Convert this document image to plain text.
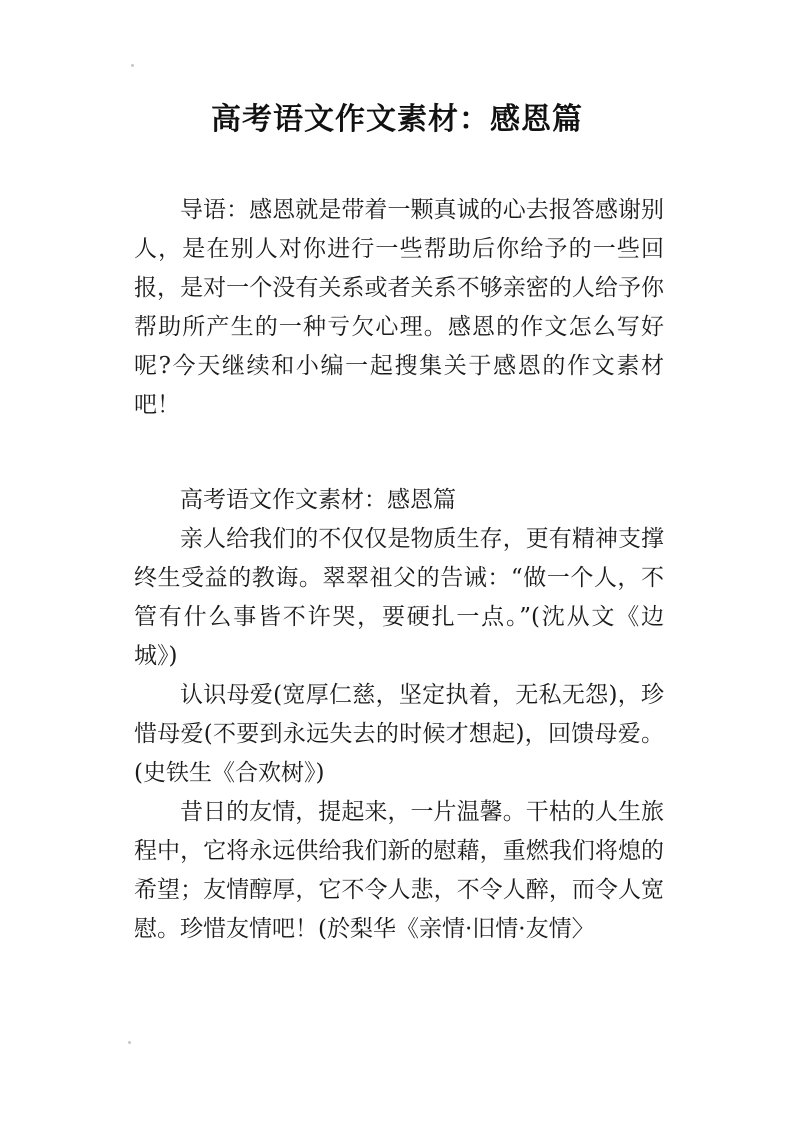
高考语文作文素材：感恩篇

导语：感恩就是带着一颗真诚的心去报答感谢别人，是在别人对你进行一些帮助后你给予的一些回报，是对一个没有关系或者关系不够亲密的人给予你帮助所产生的一种亏欠心理。感恩的作文怎么写好呢?今天继续和小编一起搜集关于感恩的作文素材吧！

高考语文作文素材：感恩篇

亲人给我们的不仅仅是物质生存，更有精神支撑终生受益的教诲。翠翠祖父的告诫：“做一个人，不管有什么事皆不许哭，要硬扎一点。”(沈从文《边城》)

认识母爱(宽厚仁慈，坚定执着，无私无怨)，珍惜母爱(不要到永远失去的时候才想起)，回馈母爱。(史铁生《合欢树》)

昔日的友情，提起来，一片温馨。干枯的人生旅程中，它将永远供给我们新的慰藉，重燃我们将熄的希望；友情醇厚，它不令人悲，不令人醉，而令人宽慰。珍惜友情吧！(於梨华《亲情·旧情·友情〉
